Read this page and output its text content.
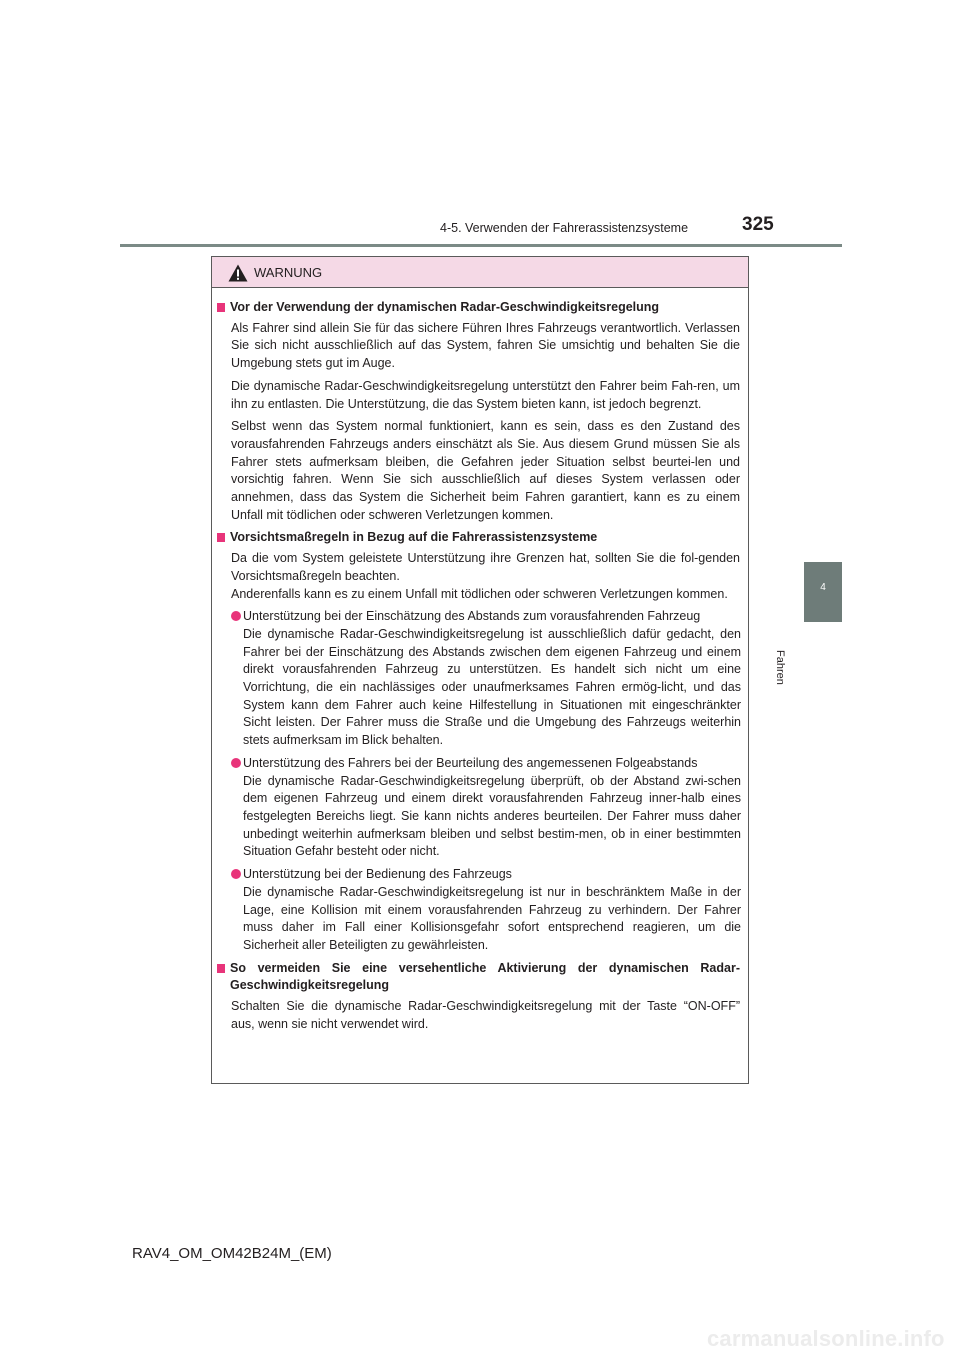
4-5. Verwenden der Fahrerassistenzsysteme	325
4
Fahren
WARNUNG
Vor der Verwendung der dynamischen Radar-Geschwindigkeitsregelung
Als Fahrer sind allein Sie für das sichere Führen Ihres Fahrzeugs verantwortlich. Verlassen Sie sich nicht ausschließlich auf das System, fahren Sie umsichtig und behalten Sie die Umgebung stets gut im Auge.
Die dynamische Radar-Geschwindigkeitsregelung unterstützt den Fahrer beim Fah-ren, um ihn zu entlasten. Die Unterstützung, die das System bieten kann, ist jedoch begrenzt.
Selbst wenn das System normal funktioniert, kann es sein, dass es den Zustand des vorausfahrenden Fahrzeugs anders einschätzt als Sie. Aus diesem Grund müssen Sie als Fahrer stets aufmerksam bleiben, die Gefahren jeder Situation selbst beurtei-len und vorsichtig fahren. Wenn Sie sich ausschließlich auf dieses System verlassen oder annehmen, dass das System die Sicherheit beim Fahren garantiert, kann es zu einem Unfall mit tödlichen oder schweren Verletzungen kommen.
Vorsichtsmaßregeln in Bezug auf die Fahrerassistenzsysteme
Da die vom System geleistete Unterstützung ihre Grenzen hat, sollten Sie die fol-genden Vorsichtsmaßregeln beachten.
Anderenfalls kann es zu einem Unfall mit tödlichen oder schweren Verletzungen kommen.
Unterstützung bei der Einschätzung des Abstands zum vorausfahrenden Fahrzeug
Die dynamische Radar-Geschwindigkeitsregelung ist ausschließlich dafür gedacht, den Fahrer bei der Einschätzung des Abstands zwischen dem eigenen Fahrzeug und einem direkt vorausfahrenden Fahrzeug zu unterstützen. Es handelt sich nicht um eine Vorrichtung, die ein nachlässiges oder unaufmerksames Fahren ermög-licht, und das System kann dem Fahrer auch keine Hilfestellung in Situationen mit eingeschränkter Sicht leisten. Der Fahrer muss die Straße und die Umgebung des Fahrzeugs weiterhin stets aufmerksam im Blick behalten.
Unterstützung des Fahrers bei der Beurteilung des angemessenen Folgeabstands
Die dynamische Radar-Geschwindigkeitsregelung überprüft, ob der Abstand zwi-schen dem eigenen Fahrzeug und einem direkt vorausfahrenden Fahrzeug inner-halb eines festgelegten Bereichs liegt. Sie kann nichts anderes beurteilen. Der Fahrer muss daher unbedingt weiterhin aufmerksam bleiben und selbst bestim-men, ob in einer bestimmten Situation Gefahr besteht oder nicht.
Unterstützung bei der Bedienung des Fahrzeugs
Die dynamische Radar-Geschwindigkeitsregelung ist nur in beschränktem Maße in der Lage, eine Kollision mit einem vorausfahrenden Fahrzeug zu verhindern. Der Fahrer muss daher im Fall einer Kollisionsgefahr sofort entsprechend reagieren, um die Sicherheit aller Beteiligten zu gewährleisten.
So vermeiden Sie eine versehentliche Aktivierung der dynamischen Radar-Geschwindigkeitsregelung
Schalten Sie die dynamische Radar-Geschwindigkeitsregelung mit der Taste “ON-OFF” aus, wenn sie nicht verwendet wird.
RAV4_OM_OM42B24M_(EM)
carmanualsonline.info
